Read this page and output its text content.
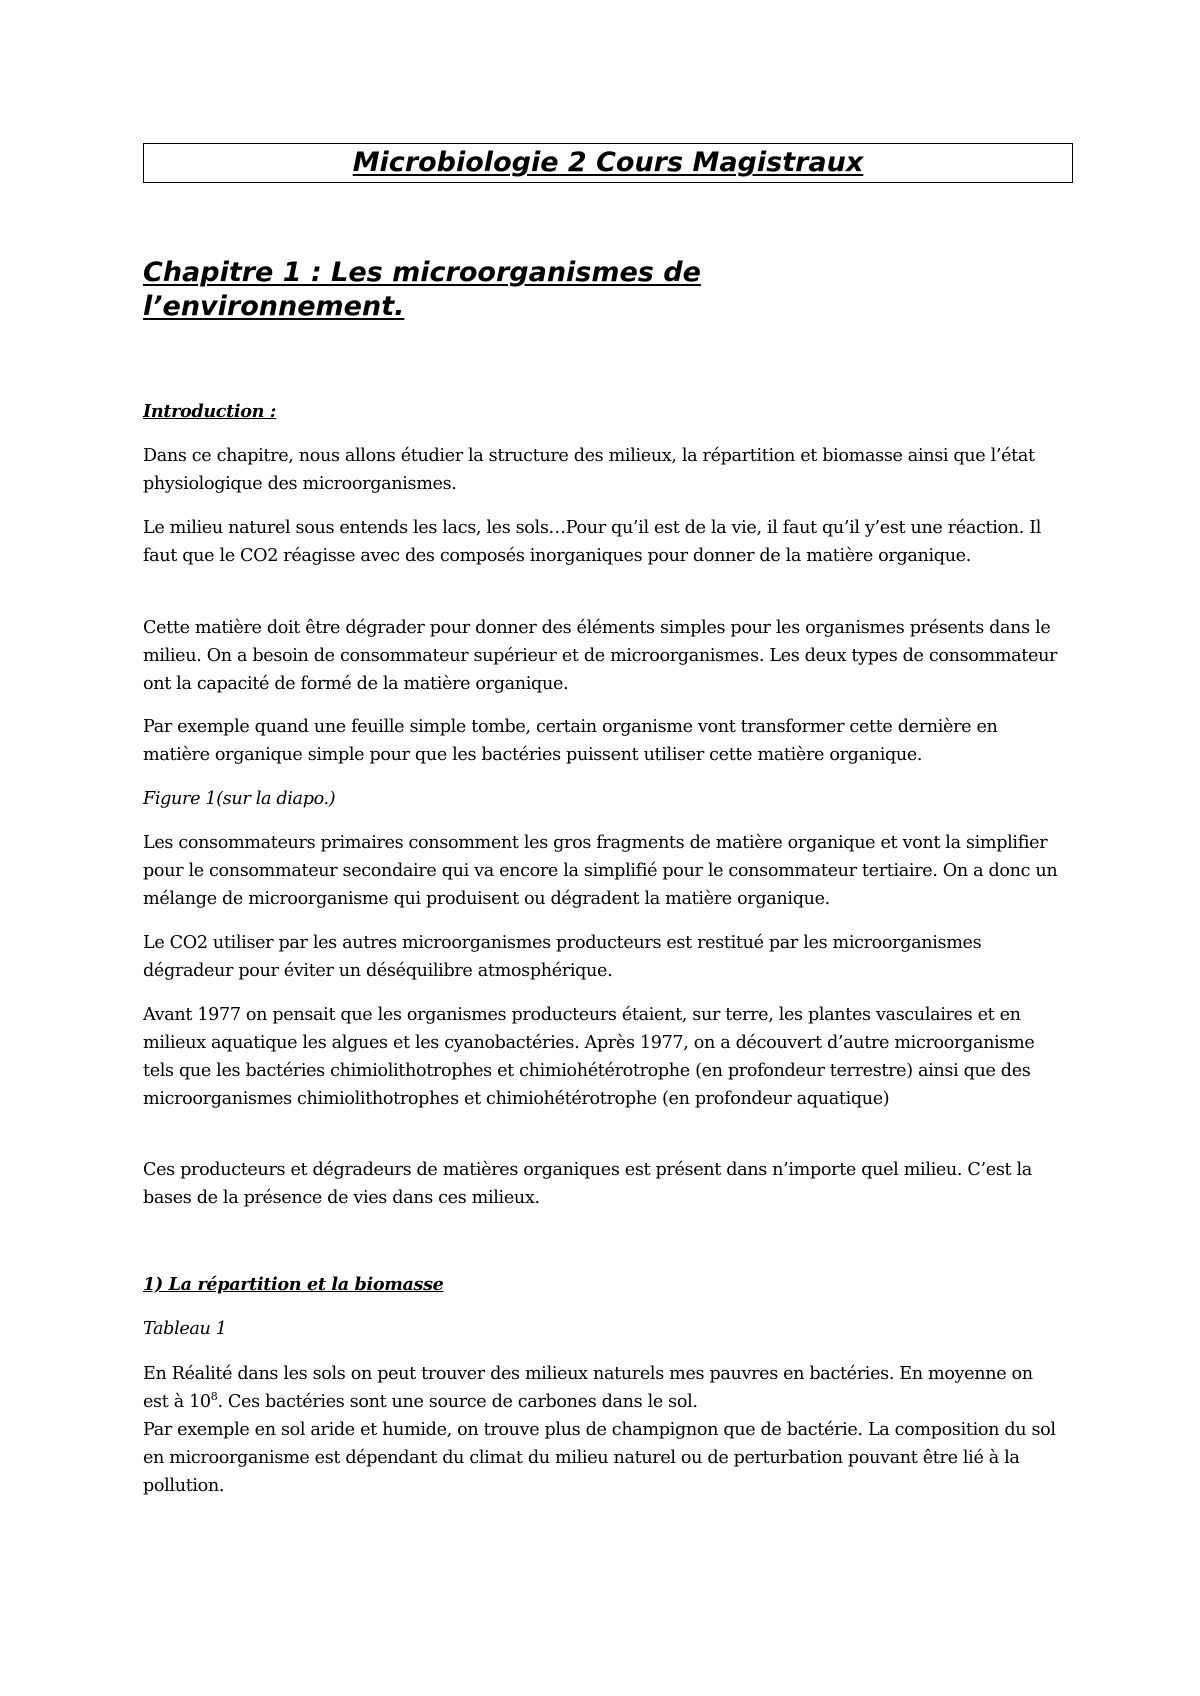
Microbiologie 2 Cours Magistraux
Chapitre 1 : Les microorganismes de
l’environnement.

Introduction :

Dans ce chapitre, nous allons étudier la structure des milieux, la répartition et biomasse ainsi que l’état physiologique des microorganismes.

Le milieu naturel sous entends les lacs, les sols…Pour qu’il est de la vie, il faut qu’il y’est une réaction. Il faut que le CO2 réagisse avec des composés inorganiques pour donner de la matière organique.

Cette matière doit être dégrader pour donner des éléments simples pour les organismes présents dans le milieu. On a besoin de consommateur supérieur et de microorganismes. Les deux types de consommateur ont la capacité de formé de la matière organique.

Par exemple quand une feuille simple tombe, certain organisme vont transformer cette dernière en matière organique simple pour que les bactéries puissent utiliser cette matière organique.

Figure 1(sur la diapo.)

Les consommateurs primaires consomment les gros fragments de matière organique et vont la simplifier pour le consommateur secondaire qui va encore la simplifié pour le consommateur tertiaire. On a donc un mélange de microorganisme qui produisent ou dégradent la matière organique.

Le CO2 utiliser par les autres microorganismes producteurs est restitué par les microorganismes dégradeur pour éviter un déséquilibre atmosphérique.

Avant 1977 on pensait que les organismes producteurs étaient, sur terre, les plantes vasculaires et en milieux aquatique les algues et les cyanobactéries. Après 1977, on a découvert d’autre microorganisme tels que les bactéries chimiolithotrophes et chimiohétérotrophe (en profondeur terrestre) ainsi que des microorganismes chimiolithotrophes et chimiohétérotrophe (en profondeur aquatique)

Ces producteurs et dégradeurs de matières organiques est présent dans n’importe quel milieu. C’est la bases de la présence de vies dans ces milieux.

1) La répartition et la biomasse

Tableau 1

En Réalité dans les sols on peut trouver des milieux naturels mes pauvres en bactéries. En moyenne on est à $10^8$. Ces bactéries sont une source de carbones dans le sol.
Par exemple en sol aride et humide, on trouve plus de champignon que de bactérie. La composition du sol en microorganisme est dépendant du climat du milieu naturel ou de perturbation pouvant être lié à la pollution.
